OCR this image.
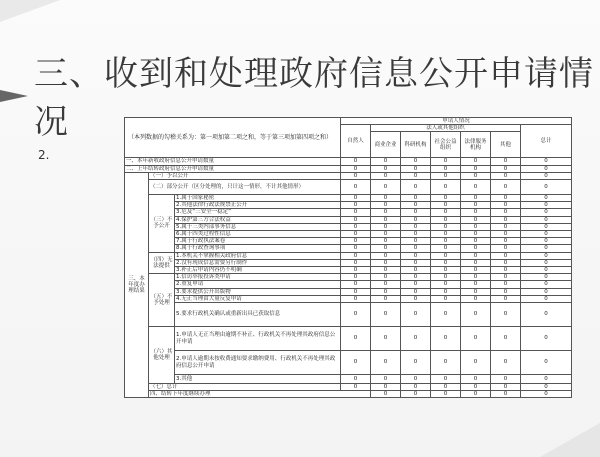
三、收到和处理政府信息公开申请情况
2.
（本列数据的勾稽关系为：第一项加第二项之和，等于第三项加第四项之和）			申请人情况							
			自然人	法人或其他组织					总计	
				商业企业	科研机构	社会公益组织	法律服务机构	其他		
一、本年新收政府信息公开申请数量			0	0	0	0	0	0	0	
二、上年结转政府信息公开申请数量			0	0	0	0	0	0	0	
三、本年度办理结果	（一）予以公开		0	0	0	0	0	0	0	
	（二）部分公开（区分处理的，只计这一情形，不计其他情形）		0	0	0	0	0	0	0	
	（三）不予公开	1.属于国家秘密	0	0	0	0	0	0	0	
		2.其他法律行政法规禁止公开	0	0	0	0	0	0	0	
		3.危及“三安全一稳定”	0	0	0	0	0	0	0	
		4.保护第三方合法权益	0	0	0	0	0	0	0	
		5.属于三类内部事务信息	0	0	0	0	0	0	0	
		6.属于四类过程性信息	0	0	0	0	0	0	0	
		7.属于行政执法案卷	0	0	0	0	0	0	0	
		8.属于行政查询事项	0	0	0	0	0	0	0	
	（四）无法提供	1.本机关不掌握相关政府信息	0	0	0	0	0	0	0	
		2.没有现成信息需要另行制作	0	0	0	0	0	0	0	
		3.补正后申请内容仍不明确	0	0	0	0	0	0	0	
	（五）不予处理	1.信访举报投诉类申请	0	0	0	0	0	0	0	
		2.重复申请	0	0	0	0	0	0	0	
		3.要求提供公开出版物	0	0	0	0	0	0	0	
		4.无正当理由大量反复申请	0	0	0	0	0	0	0	
		5.要求行政机关确认或重新出具已获取信息	0	0	0	0	0	0	0	
	（六）其他处理	1.申请人无正当理由逾期不补正、行政机关不再处理其政府信息公开申请	0	0	0	0	0	0	0	
		2.申请人逾期未按收费通知要求缴纳费用、行政机关不再处理其政府信息公开申请	0	0	0	0	0	0	0	
		3.其他	0	0	0	0	0	0	0	
	（七）总计		0	0	0	0	0	0	0	
	四、结转下年度继续办理			0	0	0	0	0	0	
